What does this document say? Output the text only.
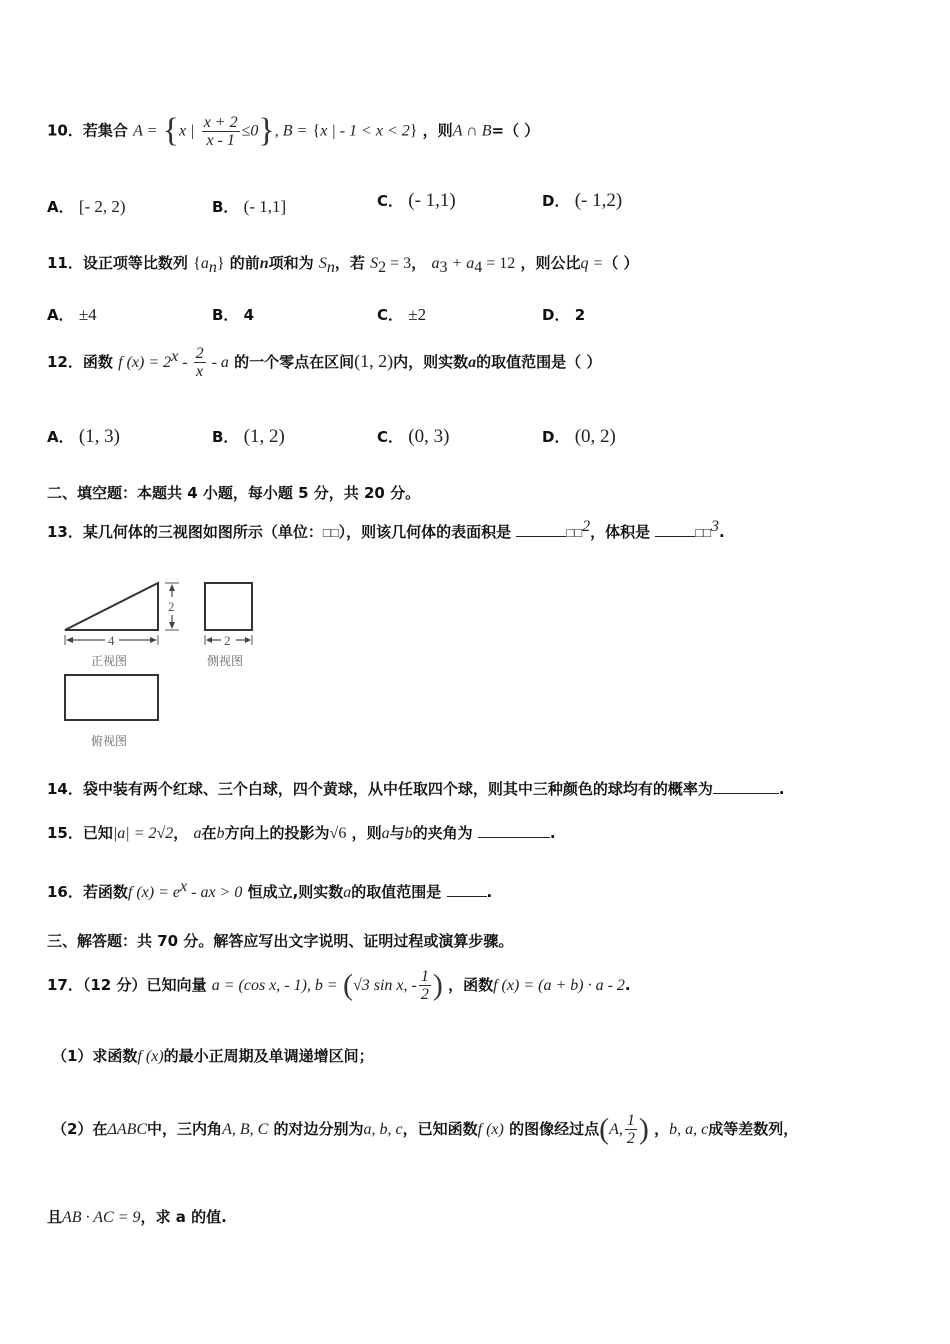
10．若集合 A = {x | $\frac{x + 2}{x - 1} \le 0$}, B = {x | - 1 < x < 2} ，则A ∩ B=（ ）
A． [- 2, 2)	B． (- 1,1]	C． (- 1,1)	D． (- 1,2)
11．设正项等比数列 $\{a_n\}$ 的前n项和为 $S_n$，若 $S_2 = 3$， $a_3 + a_4 = 12$ ，则公比q =（ ）
A． ±4	B． 4	C． ±2	D． 2
12．函数 f $(x) = 2^x - \frac{2}{x} - a$ 的一个零点在区间(1, 2)内，则实数a的取值范围是（ ）
A． (1, 3)	B． (1, 2)	C． (0, 3)	D． (0, 2)
二、填空题：本题共 4 小题，每小题 5 分，共 20 分。
13．某几何体的三视图如图所示（单位：□□），则该几何体的表面积是	□□$^2$，体积是	□□$^3$.
2
4
正视图
2
侧视图
俯视图
14．袋中装有两个红球、三个白球，四个黄球，从中任取四个球，则其中三种颜色的球均有的概率为	.
15．已知|a| = 2√2， a在b方向上的投影为√6 ，则a与b的夹角为	.
16．若函数f $(x) = e^x$ - ax > 0 恒成立,则实数a的取值范围是	.
三、解答题：共 70 分。解答应写出文字说明、证明过程或演算步骤。
17．（12 分）已知向量 a = (cos x, - 1), b = (√3 sin x, - $\frac{1}{2}$ ) ，函数f (x) = (a + b) · a - 2.
（1）求函数f (x)的最小正周期及单调递增区间；
（2）在ΔABC中，三内角A, B, C 的对边分别为a, b, c，已知函数f (x) 的图像经过点(A, $\frac{1}{2}$ ) ，b, a, c成等差数列，
且AB · AC = 9，求 a 的值.
